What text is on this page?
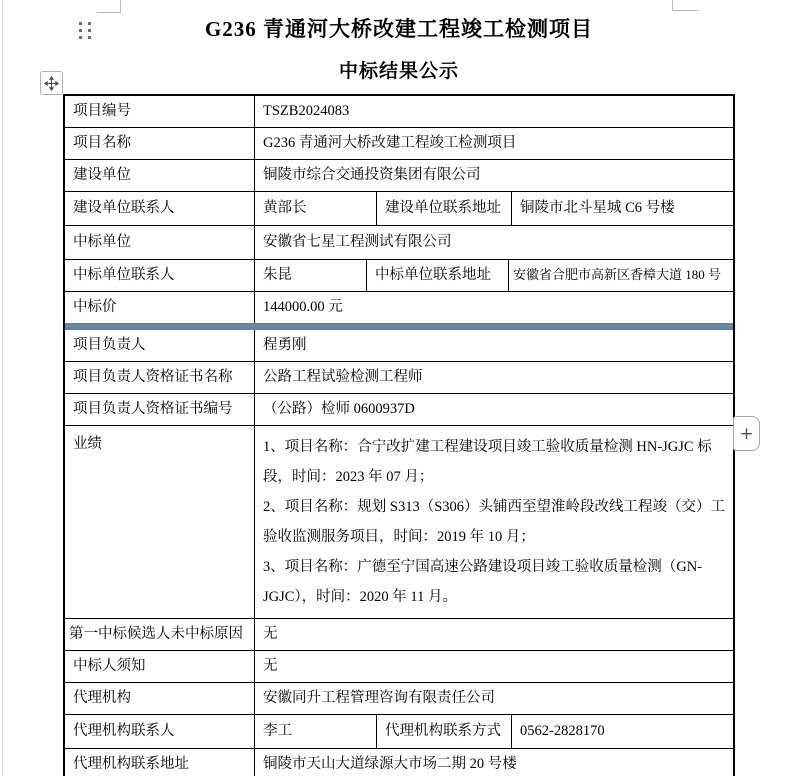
G236 青通河大桥改建工程竣工检测项目
中标结果公示
项目编号	TSZB2024083
项目名称	G236 青通河大桥改建工程竣工检测项目
建设单位	铜陵市综合交通投资集团有限公司
建设单位联系人	黄部长	建设单位联系地址	铜陵市北斗星城 C6 号楼
中标单位	安徽省七星工程测试有限公司
中标单位联系人	朱昆	中标单位联系地址	安徽省合肥市高新区香樟大道 180 号
中标价	144000.00 元
项目负责人	程勇刚
项目负责人资格证书名称	公路工程试验检测工程师
项目负责人资格证书编号	（公路）检师 0600937D
业绩	1、项目名称：合宁改扩建工程建设项目竣工验收质量检测 HN-JGJC 标段，时间：2023 年 07 月；

2、项目名称：规划 S313（S306）头铺西至望淮岭段改线工程竣（交）工验收监测服务项目，时间：2019 年 10 月；

3、项目名称：广德至宁国高速公路建设项目竣工验收质量检测（GN-JGJC），时间：2020 年 11 月。

第一中标候选人未中标原因	无
中标人须知	无
代理机构	安徽同升工程管理咨询有限责任公司
代理机构联系人	李工	代理机构联系方式	0562-2828170
代理机构联系地址	铜陵市天山大道绿源大市场二期 20 号楼
+
